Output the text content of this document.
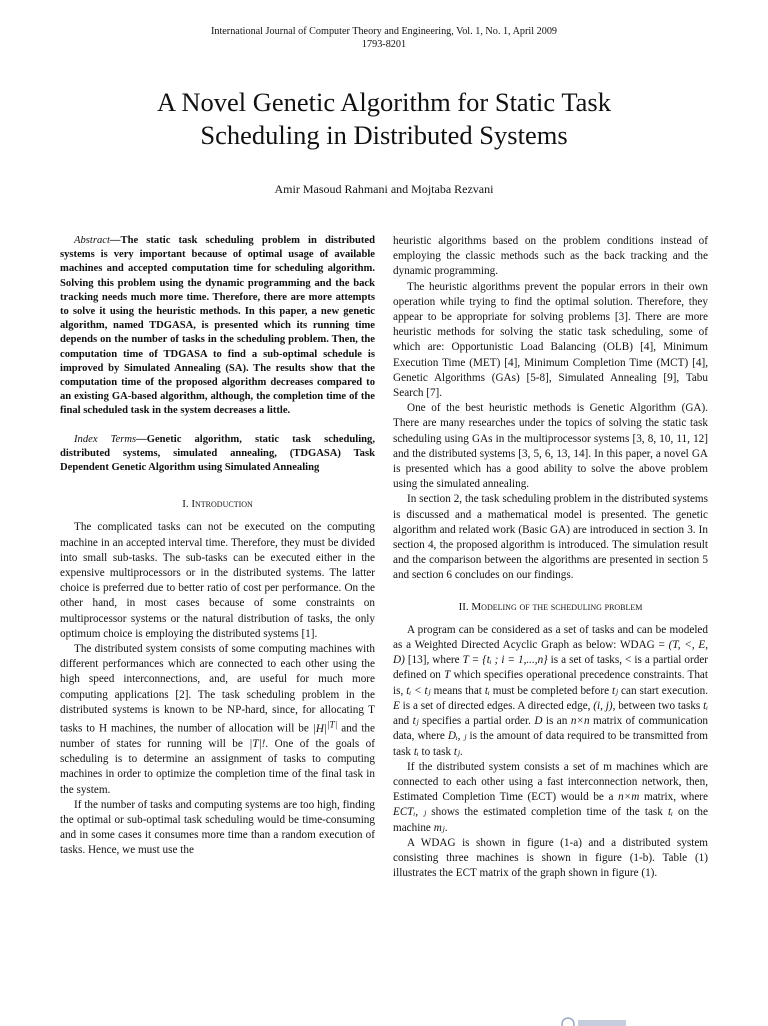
International Journal of Computer Theory and Engineering, Vol. 1, No. 1, April 2009
1793-8201
A Novel Genetic Algorithm for Static Task
Scheduling in Distributed Systems
Amir Masoud Rahmani and Mojtaba Rezvani

Abstract—The static task scheduling problem in distributed systems is very important because of optimal usage of available machines and accepted computation time for scheduling algorithm. Solving this problem using the dynamic programming and the back tracking needs much more time. Therefore, there are more attempts to solve it using the heuristic methods. In this paper, a new genetic algorithm, named TDGASA, is presented which its running time depends on the number of tasks in the scheduling problem. Then, the computation time of TDGASA to find a sub-optimal schedule is improved by Simulated Annealing (SA). The results show that the computation time of the proposed algorithm decreases compared to an existing GA-based algorithm, although, the completion time of the final scheduled task in the system decreases a little.

Index Terms—Genetic algorithm, static task scheduling, distributed systems, simulated annealing, (TDGASA) Task Dependent Genetic Algorithm using Simulated Annealing

I. Introduction

The complicated tasks can not be executed on the computing machine in an accepted interval time. Therefore, they must be divided into small sub-tasks. The sub-tasks can be executed either in the expensive multiprocessors or in the distributed systems. The latter choice is preferred due to better ratio of cost per performance. On the other hand, in most cases because of some constraints on multiprocessor systems or the natural distribution of tasks, the only optimum choice is employing the distributed systems [1].

The distributed system consists of some computing machines with different performances which are connected to each other using the high speed interconnections, and, are useful for much more computing applications [2]. The task scheduling problem in the distributed systems is known to be NP-hard, since, for allocating T tasks to H machines, the number of allocation will be $|H|^{|T|}$ and the number of states for running will be |T|!. One of the goals of scheduling is to determine an assignment of tasks to computing machines in order to optimize the completion time of the final task in the system.

If the number of tasks and computing systems are too high, finding the optimal or sub-optimal task scheduling would be time-consuming and in some cases it consumes more time than a random execution of tasks. Hence, we must use the

heuristic algorithms based on the problem conditions instead of employing the classic methods such as the back tracking and the dynamic programming.

The heuristic algorithms prevent the popular errors in their own operation while trying to find the optimal solution. Therefore, they appear to be appropriate for solving problems [3]. There are more heuristic methods for solving the static task scheduling, some of which are: Opportunistic Load Balancing (OLB) [4], Minimum Execution Time (MET) [4], Minimum Completion Time (MCT) [4], Genetic Algorithms (GAs) [5-8], Simulated Annealing [9], Tabu Search [7].

One of the best heuristic methods is Genetic Algorithm (GA). There are many researches under the topics of solving the static task scheduling using GAs in the multiprocessor systems [3, 8, 10, 11, 12] and the distributed systems [3, 5, 6, 13, 14]. In this paper, a novel GA is presented which has a good ability to solve the above problem using the simulated annealing.

In section 2, the task scheduling problem in the distributed systems is discussed and a mathematical model is presented. The genetic algorithm and related work (Basic GA) are introduced in section 3. In section 4, the proposed algorithm is introduced. The simulation result and the comparison between the algorithms are presented in section 5 and section 6 concludes on our findings.

II. Modeling of the scheduling problem

A program can be considered as a set of tasks and can be modeled as a Weighted Directed Acyclic Graph as below: WDAG = (T, <, E, D) [13], where T = {tᵢ ; i = 1,...,n} is a set of tasks, < is a partial order defined on T which specifies operational precedence constraints. That is, tᵢ < tⱼ means that tᵢ must be completed before tⱼ can start execution. E is a set of directed edges. A directed edge, (i, j), between two tasks tᵢ and tⱼ specifies a partial order. D is an n×n matrix of communication data, where Dᵢ, ⱼ is the amount of data required to be transmitted from task tᵢ to task tⱼ.

If the distributed system consists a set of m machines which are connected to each other using a fast interconnection network, then, Estimated Completion Time (ECT) would be a n×m matrix, where ECTᵢ, ⱼ shows the estimated completion time of the task tᵢ on the machine mⱼ.

A WDAG is shown in figure (1-a) and a distributed system consisting three machines is shown in figure (1-b). Table (1) illustrates the ECT matrix of the graph shown in figure (1).
